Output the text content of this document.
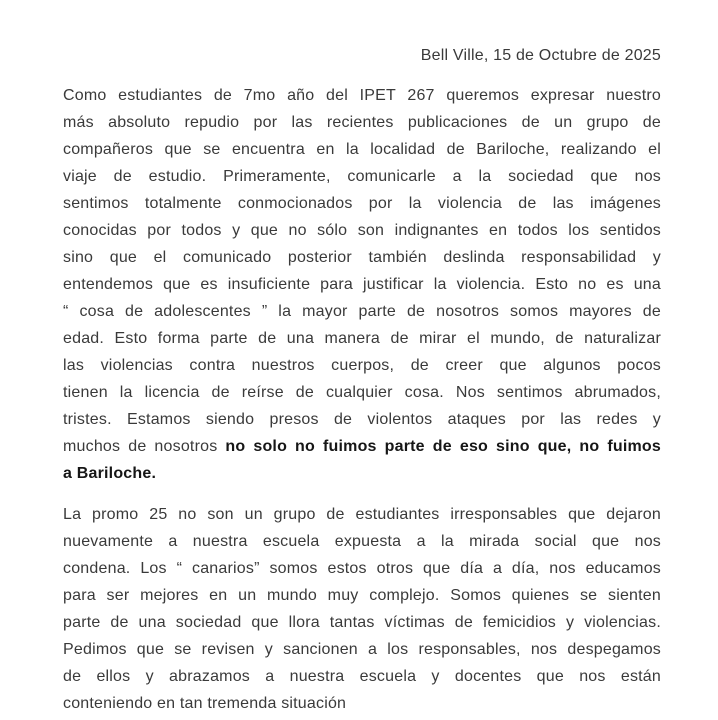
Bell Ville, 15 de Octubre de 2025
Como estudiantes de 7mo año del IPET 267 queremos expresar nuestro
más absoluto repudio por las recientes publicaciones de un grupo de
compañeros que se encuentra en la localidad de Bariloche, realizando el
viaje de estudio. Primeramente, comunicarle a la sociedad que nos
sentimos totalmente conmocionados por la violencia de las imágenes
conocidas por todos y que no sólo son indignantes en todos los sentidos
sino que el comunicado posterior también deslinda responsabilidad y
entendemos que es insuficiente para justificar la violencia. Esto no es una
“ cosa de adolescentes ” la mayor parte de nosotros somos mayores de
edad. Esto forma parte de una manera de mirar el mundo, de naturalizar
las violencias contra nuestros cuerpos, de creer que algunos pocos
tienen la licencia de reírse de cualquier cosa. Nos sentimos abrumados,
tristes. Estamos siendo presos de violentos ataques por las redes y
muchos de nosotros no solo no fuimos parte de eso sino que, no fuimos
a Bariloche.
La promo 25 no son un grupo de estudiantes irresponsables que dejaron
nuevamente a nuestra escuela expuesta a la mirada social que nos
condena. Los “ canarios” somos estos otros que día a día, nos educamos
para ser mejores en un mundo muy complejo. Somos quienes se sienten
parte de una sociedad que llora tantas víctimas de femicidios y violencias.
Pedimos que se revisen y sancionen a los responsables, nos despegamos
de ellos y abrazamos a nuestra escuela y docentes que nos están
conteniendo en tan tremenda situación
